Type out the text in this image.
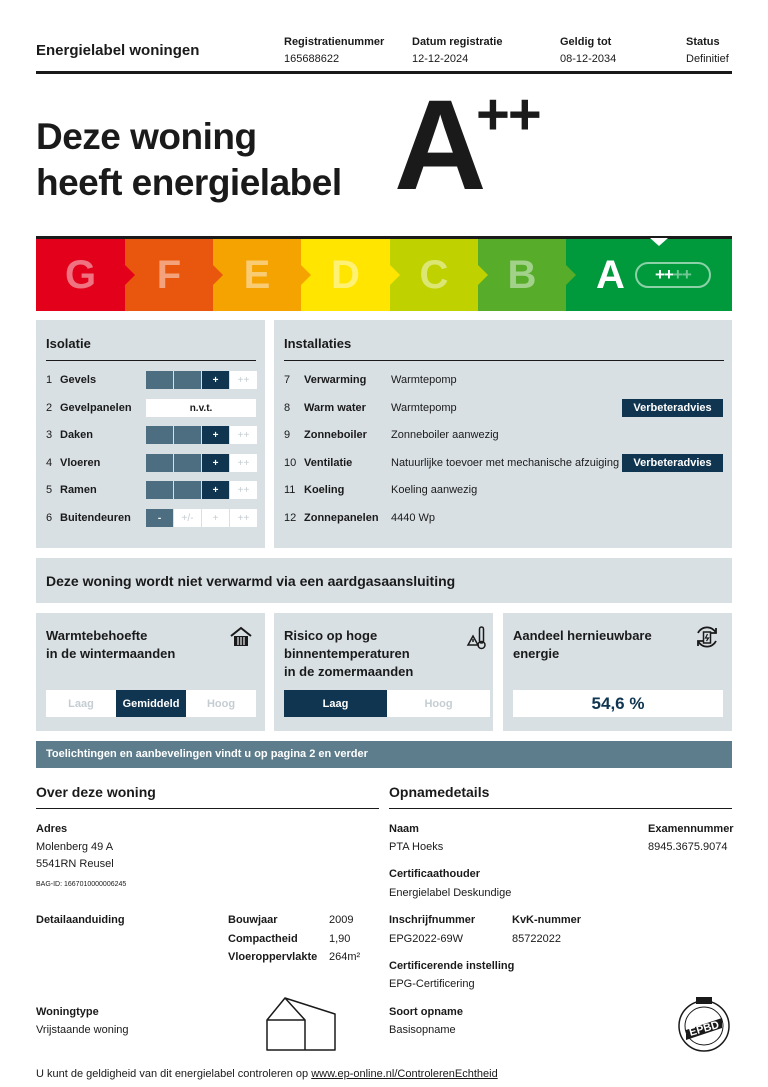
Energielabel woningen	Registratienummer
165688622
Datum registratie
12-12-2024
Geldig tot
08-12-2034
Status
Definitief
Deze woning
heeft energielabel A
++
G F E D C B A ++ ++
Isolatie
1 Gevels	+	++
2 Gevelpanelen	n.v.t.
3 Daken	+	++
4 Vloeren	+	++
5 Ramen	+	++
6 Buitendeuren	-	+/-	+	++
Installaties
7	Verwarming	Warmtepomp
8	Warm water	Warmtepomp	Verbeteradvies
9	Zonneboiler	Zonneboiler aanwezig
10 Ventilatie	Natuurlijke toevoer met mechanische afzuiging	Verbeteradvies
11 Koeling	Koeling aanwezig
12 Zonnepanelen	4440 Wp
Deze woning wordt niet verwarmd via een aardgasaansluiting
Warmtebehoefte
in de wintermaanden
Laag	Gemiddeld	Hoog
Risico op hoge
binnentemperaturen
in de zomermaanden
Laag	Hoog
Aandeel hernieuwbare
energie
54,6 %
Toelichtingen en aanbevelingen vindt u op pagina 2 en verder
Over deze woning
Adres
Molenberg 49 A
5541RN Reusel
BAG-ID: 1667010000006245
Detailaanduiding	Bouwjaar	2009
Compactheid	1,90
Vloeroppervlakte 264m²
Woningtype
Vrijstaande woning
Opnamedetails
Naam
PTA Hoeks
Examennummer
8945.3675.9074
Certificaathouder
Energielabel Deskundige
Inschrijfnummer
EPG2022-69W
KvK-nummer
85722022
Certificerende instelling
EPG-Certificering
Soort opname
Basisopname	EPBD
U kunt de geldigheid van dit energielabel controleren op www.ep-online.nl/ControlerenEchtheid
